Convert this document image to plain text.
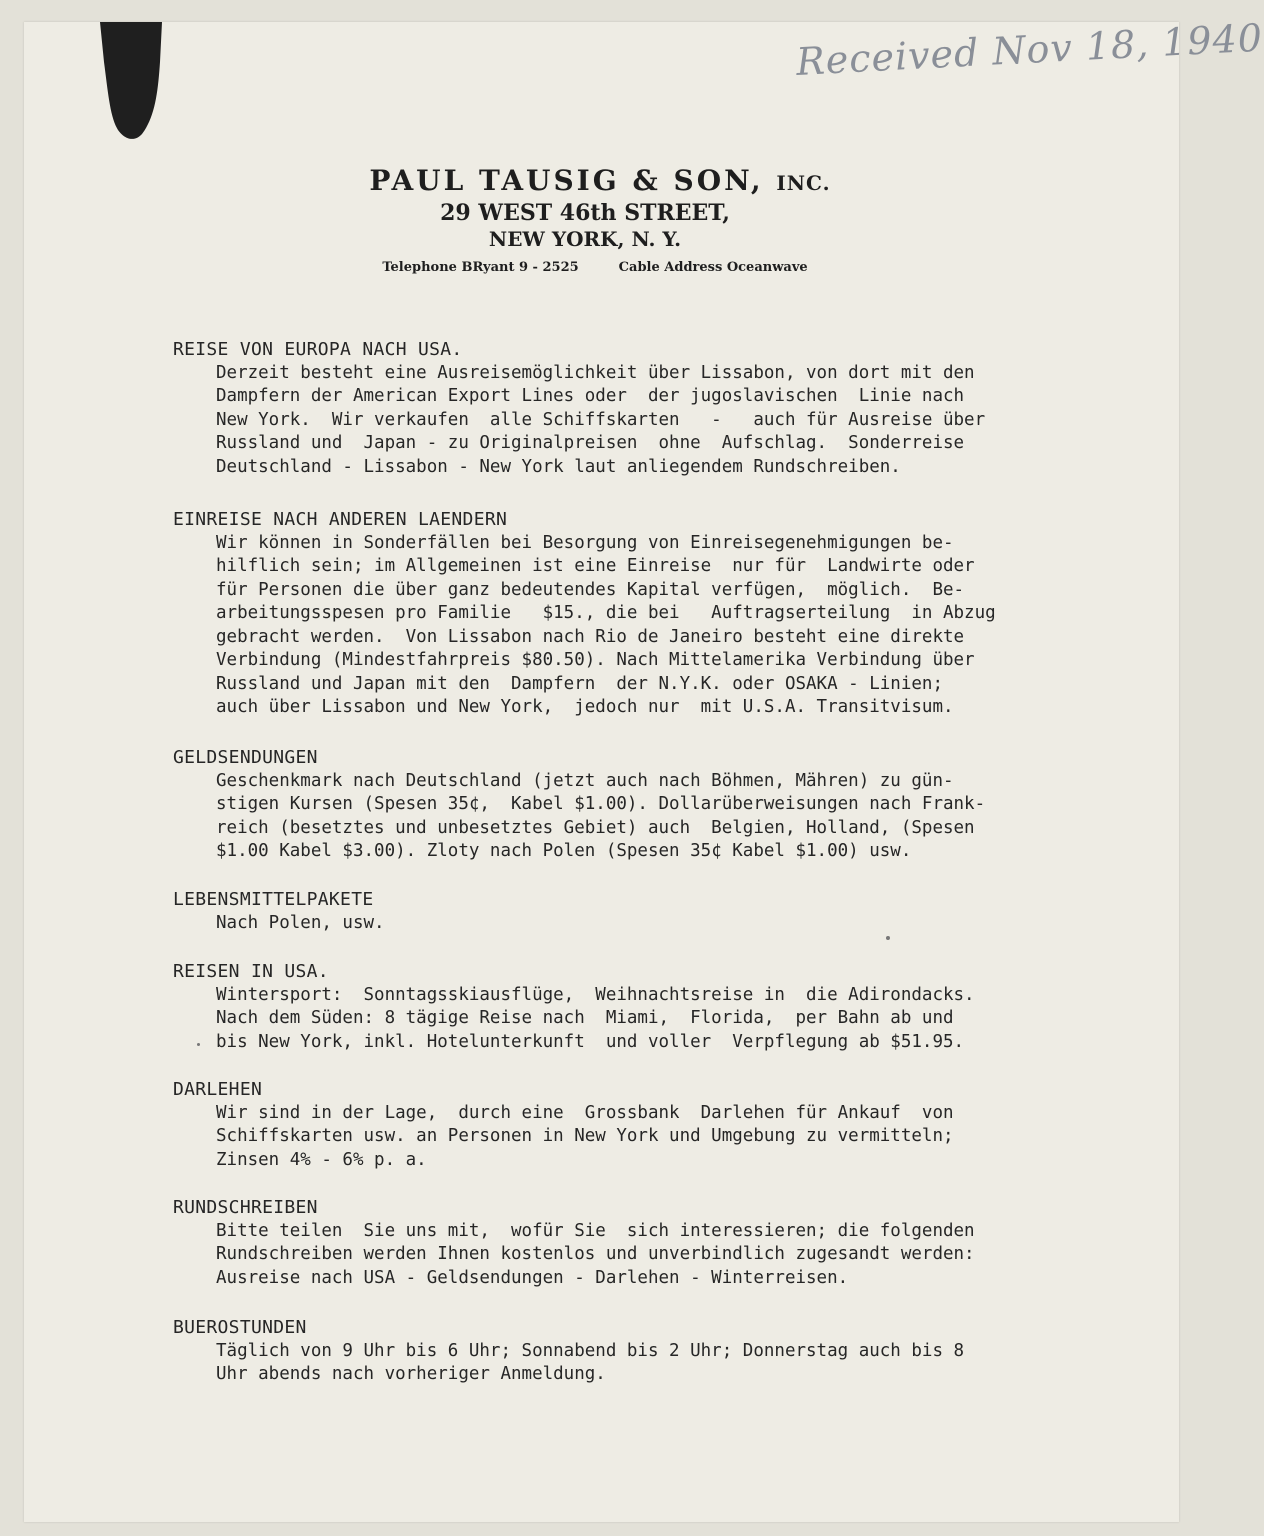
Received Nov 18, 1940
PAUL TAUSIG & SON, INC.
29 WEST 46th STREET,
NEW YORK, N. Y.
Telephone BRyant 9 - 2525	Cable Address Oceanwave
REISE VON EUROPA NACH USA.
Derzeit besteht eine Ausreisemöglichkeit über Lissabon, von dort mit den
Dampfern der American Export Lines oder  der jugoslavischen  Linie nach
New York.  Wir verkaufen  alle Schiffskarten   -   auch für Ausreise über
Russland und  Japan - zu Originalpreisen  ohne  Aufschlag.  Sonderreise
Deutschland - Lissabon - New York laut anliegendem Rundschreiben.
EINREISE NACH ANDEREN LAENDERN
Wir können in Sonderfällen bei Besorgung von Einreisegenehmigungen be-
hilflich sein; im Allgemeinen ist eine Einreise  nur für  Landwirte oder
für Personen die über ganz bedeutendes Kapital verfügen,  möglich.  Be-
arbeitungsspesen pro Familie   $15., die bei   Auftragserteilung  in Abzug
gebracht werden.  Von Lissabon nach Rio de Janeiro besteht eine direkte
Verbindung (Mindestfahrpreis $80.50). Nach Mittelamerika Verbindung über
Russland und Japan mit den  Dampfern  der N.Y.K. oder OSAKA - Linien;
auch über Lissabon und New York,  jedoch nur  mit U.S.A. Transitvisum.
GELDSENDUNGEN
Geschenkmark nach Deutschland (jetzt auch nach Böhmen, Mähren) zu gün-
stigen Kursen (Spesen 35¢,  Kabel $1.00). Dollarüberweisungen nach Frank-
reich (besetztes und unbesetztes Gebiet) auch  Belgien, Holland, (Spesen
$1.00 Kabel $3.00). Zloty nach Polen (Spesen 35¢ Kabel $1.00) usw.
LEBENSMITTELPAKETE
Nach Polen, usw.
REISEN IN USA.
Wintersport:  Sonntagsskiausflüge,  Weihnachtsreise in  die Adirondacks.
Nach dem Süden: 8 tägige Reise nach  Miami,  Florida,  per Bahn ab und
bis New York, inkl. Hotelunterkunft  und voller  Verpflegung ab $51.95.
DARLEHEN
Wir sind in der Lage,  durch eine  Grossbank  Darlehen für Ankauf  von
Schiffskarten usw. an Personen in New York und Umgebung zu vermitteln;
Zinsen 4% - 6% p. a.
RUNDSCHREIBEN
Bitte teilen  Sie uns mit,  wofür Sie  sich interessieren; die folgenden
Rundschreiben werden Ihnen kostenlos und unverbindlich zugesandt werden:
Ausreise nach USA - Geldsendungen - Darlehen - Winterreisen.
BUEROSTUNDEN
Täglich von 9 Uhr bis 6 Uhr; Sonnabend bis 2 Uhr; Donnerstag auch bis 8
Uhr abends nach vorheriger Anmeldung.
